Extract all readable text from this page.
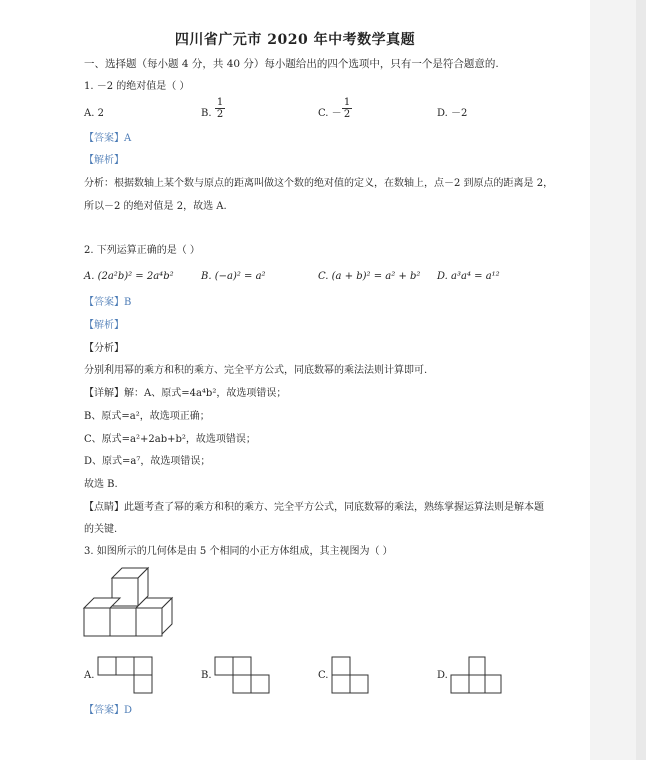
四川省广元市 2020 年中考数学真题
一、选择题（每小题 4 分，共 40 分）每小题给出的四个选项中，只有一个是符合题意的.
1. －2 的绝对值是（ ）
A. 2	B.
1
2	C. －
1
2	D. －2
【答案】A
【解析】
分析：根据数轴上某个数与原点的距离叫做这个数的绝对值的定义，在数轴上，点－2 到原点的距离是 2，
所以－2 的绝对值是 2，故选 A.
2. 下列运算正确的是（ ）
A. (2a²b)² = 2a⁴b²	B. (−a)² = a²	C. (a + b)² = a² + b² D. a³a⁴ = a¹²
【答案】B
【解析】
【分析】
分别利用幂的乘方和积的乘方、完全平方公式，同底数幂的乘法法则计算即可.
【详解】解：A、原式=4a⁴b²，故选项错误；
B、原式=a²，故选项正确；
C、原式=a²+2ab+b²，故选项错误；
D、原式=a⁷，故选项错误；
故选 B.
【点睛】此题考查了幂的乘方和积的乘方、完全平方公式，同底数幂的乘法，熟练掌握运算法则是解本题
的关键.
3. 如图所示的几何体是由 5 个相同的小正方体组成，其主视图为（ ）
A.	B.	C.	D.
【答案】D
